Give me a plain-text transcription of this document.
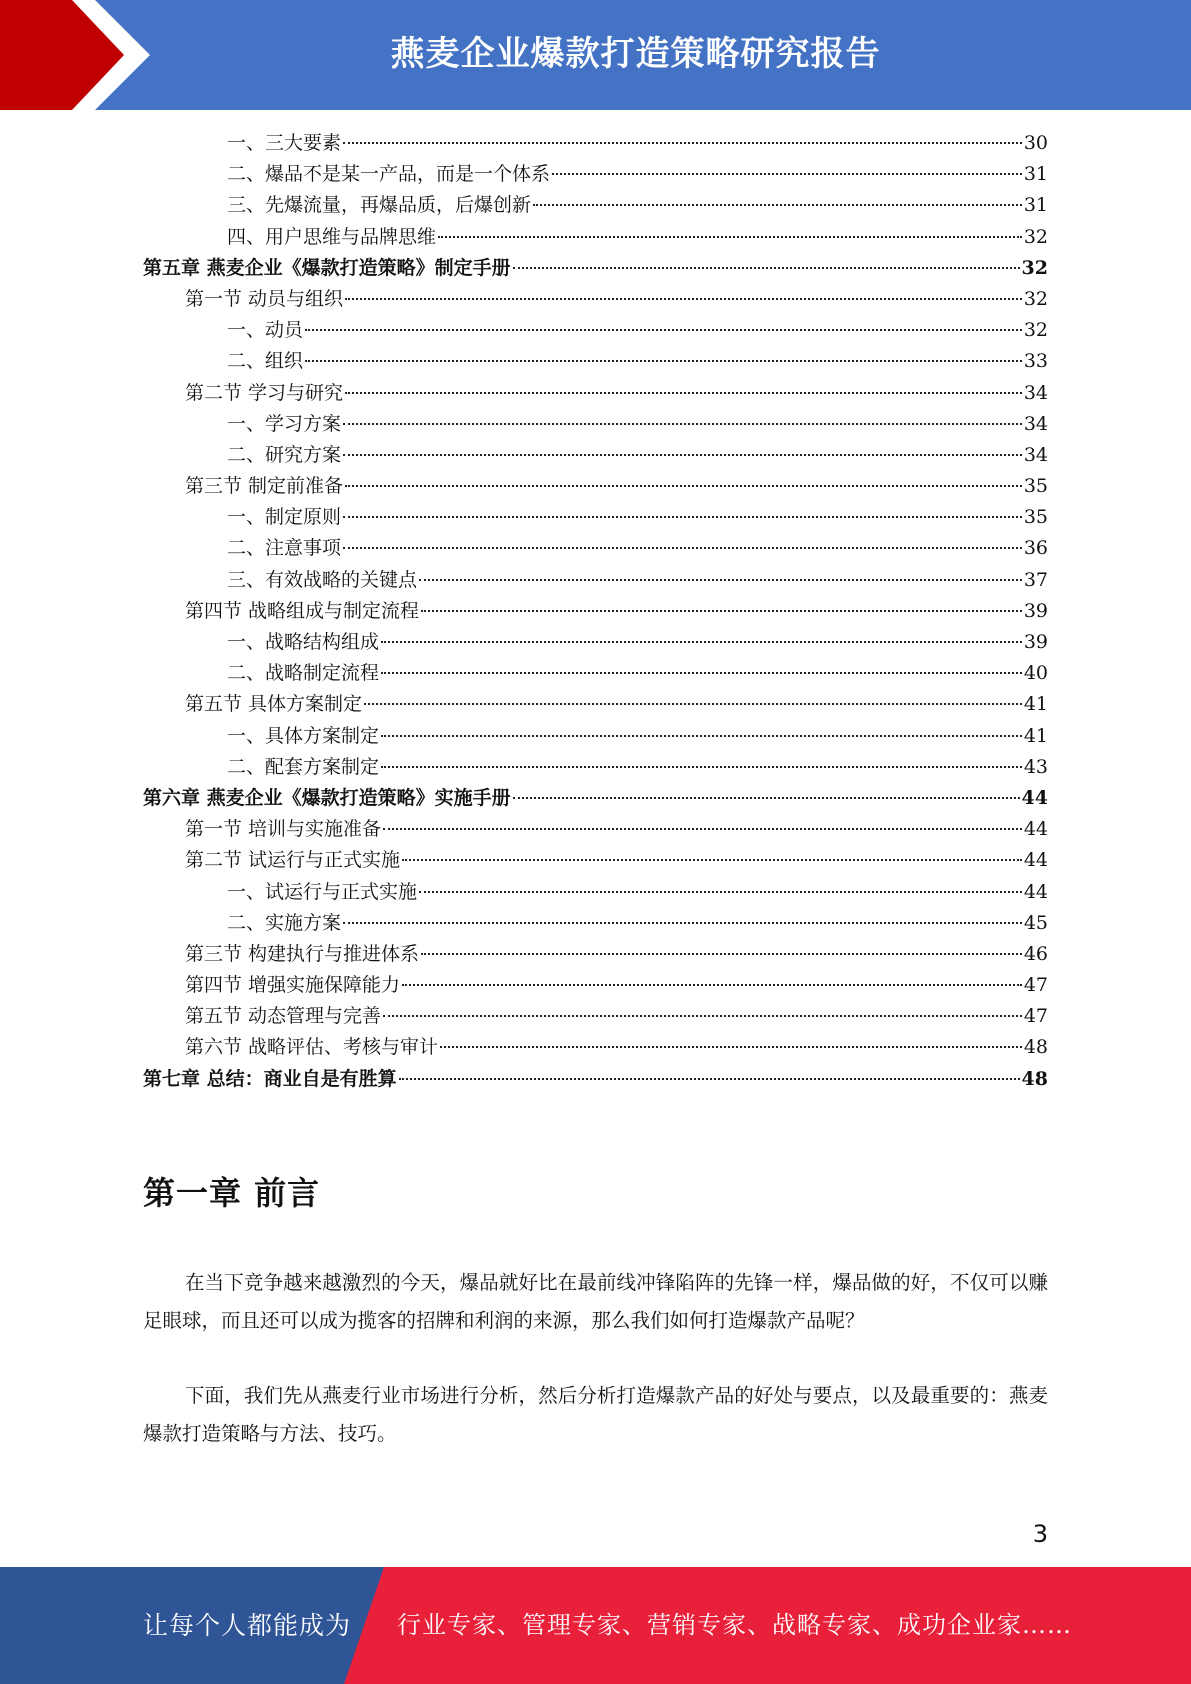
燕麦企业爆款打造策略研究报告
一、三大要素	30
二、爆品不是某一产品，而是一个体系	31
三、先爆流量，再爆品质，后爆创新	31
四、用户思维与品牌思维	32
第五章 燕麦企业《爆款打造策略》制定手册	32
第一节 动员与组织	32
一、动员	32
二、组织	33
第二节 学习与研究	34
一、学习方案	34
二、研究方案	34
第三节 制定前准备	35
一、制定原则	35
二、注意事项	36
三、有效战略的关键点	37
第四节 战略组成与制定流程	39
一、战略结构组成	39
二、战略制定流程	40
第五节 具体方案制定	41
一、具体方案制定	41
二、配套方案制定	43
第六章 燕麦企业《爆款打造策略》实施手册	44
第一节 培训与实施准备	44
第二节 试运行与正式实施	44
一、试运行与正式实施	44
二、实施方案	45
第三节 构建执行与推进体系	46
第四节 增强实施保障能力	47
第五节 动态管理与完善	47
第六节 战略评估、考核与审计	48
第七章 总结：商业自是有胜算	48
第一章 前言
在当下竞争越来越激烈的今天，爆品就好比在最前线冲锋陷阵的先锋一样，爆品做的好，不仅可以赚足眼球，而且还可以成为揽客的招牌和利润的来源，那么我们如何打造爆款产品呢？
下面，我们先从燕麦行业市场进行分析，然后分析打造爆款产品的好处与要点，以及最重要的：燕麦爆款打造策略与方法、技巧。
3
让每个人都能成为 行业专家、管理专家、营销专家、战略专家、成功企业家……
